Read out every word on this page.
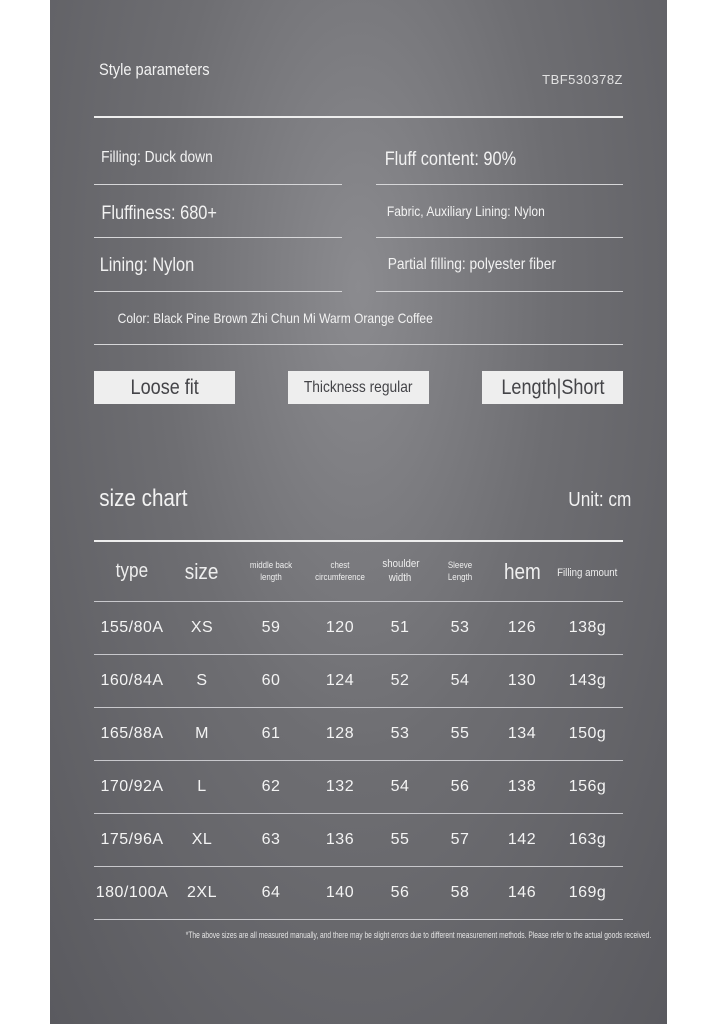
Style parameters
TBF530378Z
Filling: Duck down	Fluff content: 90%
Fluffiness: 680+	Fabric, Auxiliary Lining: Nylon
Lining: Nylon	Partial filling: polyester fiber
Color: Black Pine Brown Zhi Chun Mi Warm Orange Coffee
Loose fit	Thickness regular	Length|Short
size chart	Unit: cm
type	size	middle back length	chest circumference	shoulder width	Sleeve Length	hem	Filling amount
155/80A	XS	59	120	51	53	126	138g
160/84A	S	60	124	52	54	130	143g
165/88A	M	61	128	53	55	134	150g
170/92A	L	62	132	54	56	138	156g
175/96A	XL	63	136	55	57	142	163g
180/100A	2XL	64	140	56	58	146	169g
*The above sizes are all measured manually, and there may be slight errors due to different measurement methods. Please refer to the actual goods received.
